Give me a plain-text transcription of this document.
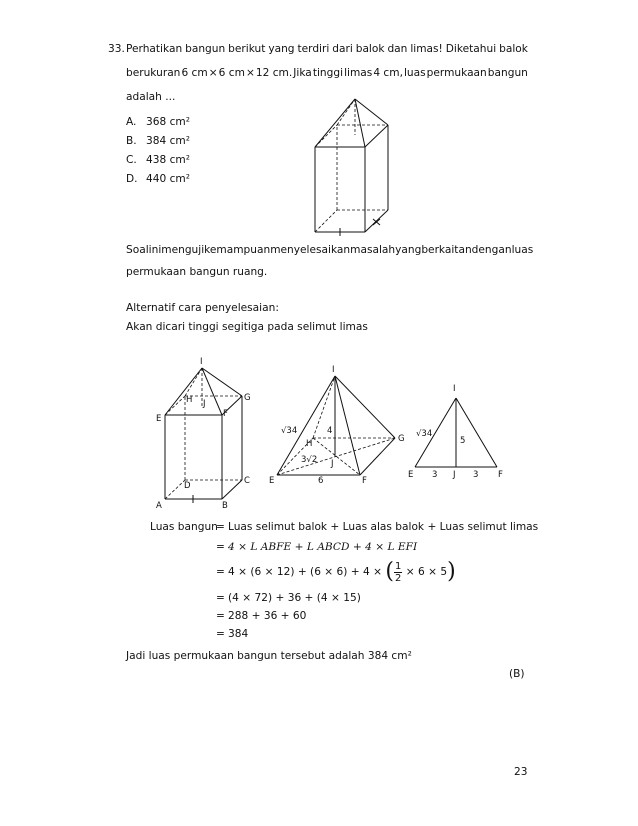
33. Perhatikan bangun berikut yang terdiri dari balok dan limas! Diketahui balok
berukuran 6 cm × 6 cm × 12 cm. Jika tinggi limas 4 cm, luas permukaan bangun
adalah ...
A. 368 cm²
B. 384 cm²
C. 438 cm²
D. 440 cm²
Soal ini menguji kemampuan menyelesaikan masalah yang berkaitan dengan luas
permukaan bangun ruang.
Alternatif cara penyelesaian:
Akan dicari tinggi segitiga pada selimut limas
I
H J
G
E	F
D	C
A	B
I
√34	4
H	G
3√2 J
E	6	F
I
√34
5
E 3 J 3 F
Luas bangun
= Luas selimut balok + Luas alas balok + Luas selimut limas
= 4 × L ABFE + L ABCD + 4 × L EFI
= 4 × (6 × 12) + (6 × 6) + 4 × ( $\frac{1}{2} \times 6 \times 5$)
= (4 × 72) + 36 + (4 × 15)
= 288 + 36 + 60
= 384
Jadi luas permukaan bangun tersebut adalah 384 cm²
(B)
23
